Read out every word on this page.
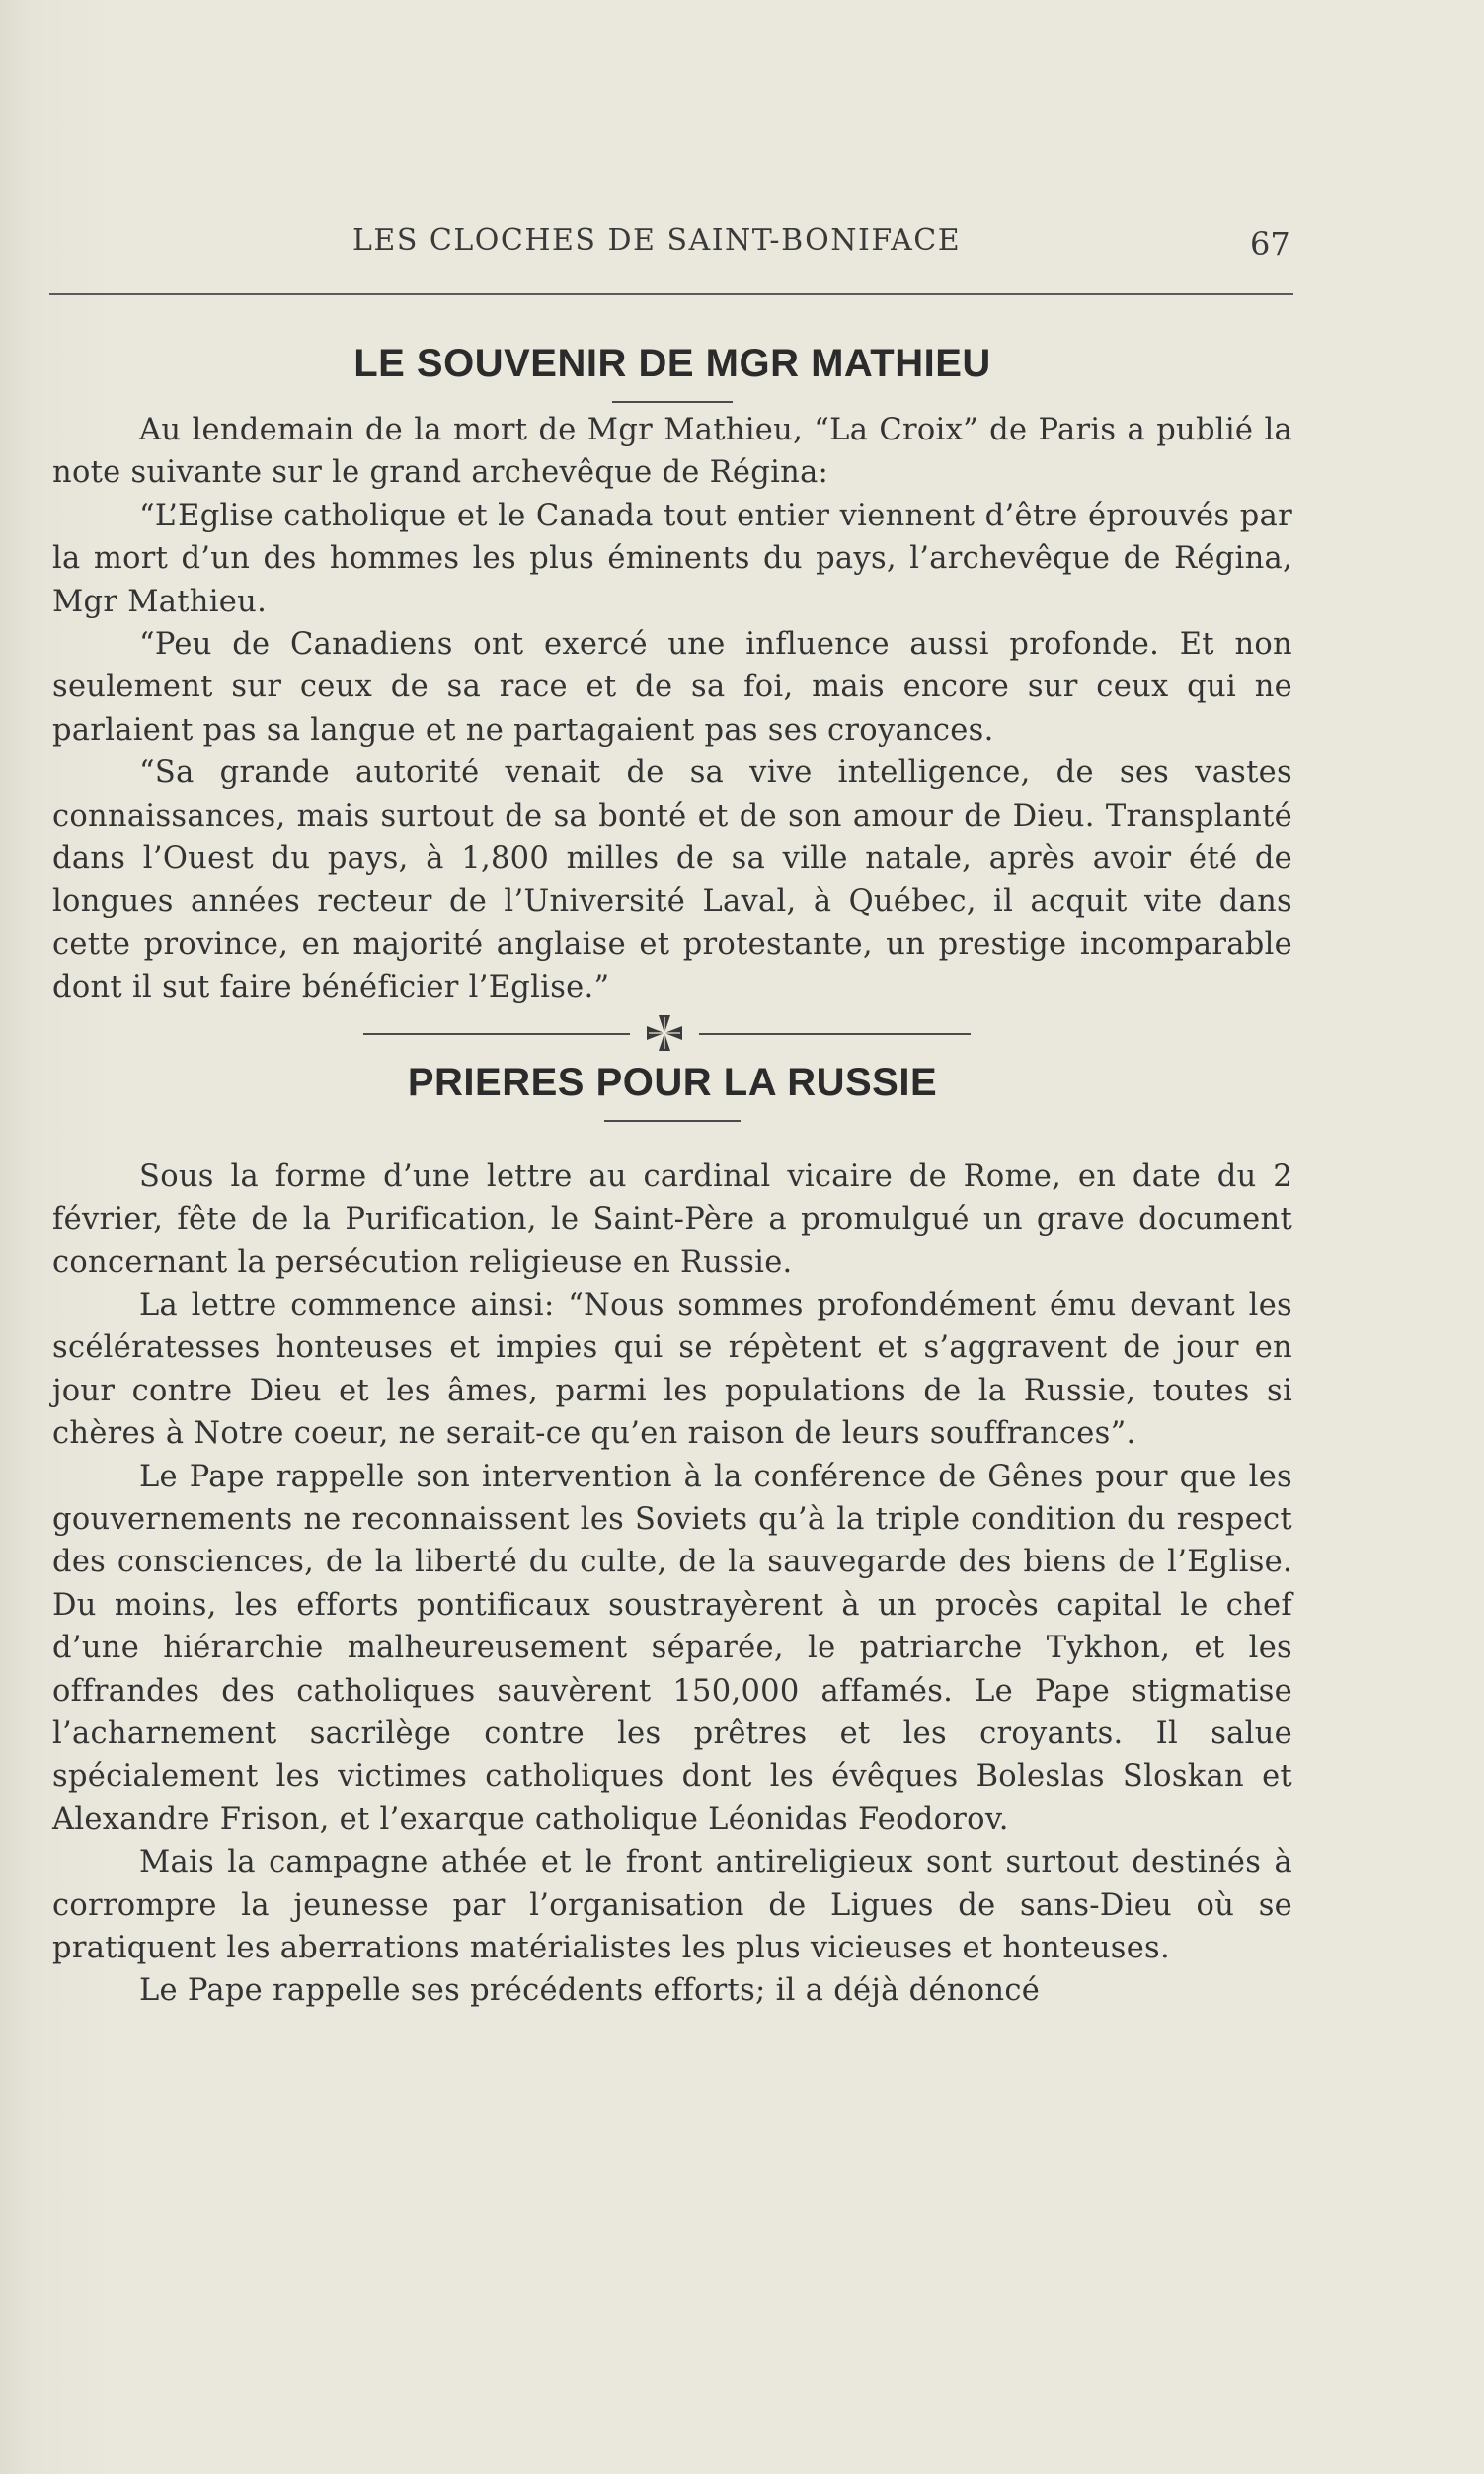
LES CLOCHES DE SAINT-BONIFACE	67
LE SOUVENIR DE MGR MATHIEU

Au lendemain de la mort de Mgr Mathieu, “La Croix” de Paris a publié la note suivante sur le grand archevêque de Régina:

“L’Eglise catholique et le Canada tout entier viennent d’être éprouvés par la mort d’un des hommes les plus éminents du pays, l’archevêque de Régina, Mgr Mathieu.

“Peu de Canadiens ont exercé une influence aussi profonde. Et non seulement sur ceux de sa race et de sa foi, mais encore sur ceux qui ne parlaient pas sa langue et ne partagaient pas ses croyances.

“Sa grande autorité venait de sa vive intelligence, de ses vastes connaissances, mais surtout de sa bonté et de son amour de Dieu. Transplanté dans l’Ouest du pays, à 1,800 milles de sa ville natale, après avoir été de longues années recteur de l’Université Laval, à Québec, il acquit vite dans cette province, en majorité anglaise et protestante, un prestige incomparable dont il sut faire bénéficier l’Eglise.”

PRIERES POUR LA RUSSIE

Sous la forme d’une lettre au cardinal vicaire de Rome, en date du 2 février, fête de la Purification, le Saint-Père a promulgué un grave document concernant la persécution religieuse en Russie.

La lettre commence ainsi: “Nous sommes profondément ému devant les scélératesses honteuses et impies qui se répètent et s’aggravent de jour en jour contre Dieu et les âmes, parmi les populations de la Russie, toutes si chères à Notre coeur, ne serait-ce qu’en raison de leurs souffrances”.

Le Pape rappelle son intervention à la conférence de Gênes pour que les gouvernements ne reconnaissent les Soviets qu’à la triple condition du respect des consciences, de la liberté du culte, de la sauvegarde des biens de l’Eglise. Du moins, les efforts pontificaux soustrayèrent à un procès capital le chef d’une hiérarchie malheureusement séparée, le patriarche Tykhon, et les offrandes des catholiques sauvèrent 150,000 affamés. Le Pape stigmatise l’acharnement sacrilège contre les prêtres et les croyants. Il salue spécialement les victimes catholiques dont les évêques Boleslas Sloskan et Alexandre Frison, et l’exarque catholique Léonidas Feodorov.

Mais la campagne athée et le front antireligieux sont surtout destinés à corrompre la jeunesse par l’organisation de Ligues de sans-Dieu où se pratiquent les aberrations matérialistes les plus vicieuses et honteuses.

Le Pape rappelle ses précédents efforts; il a déjà dénoncé
